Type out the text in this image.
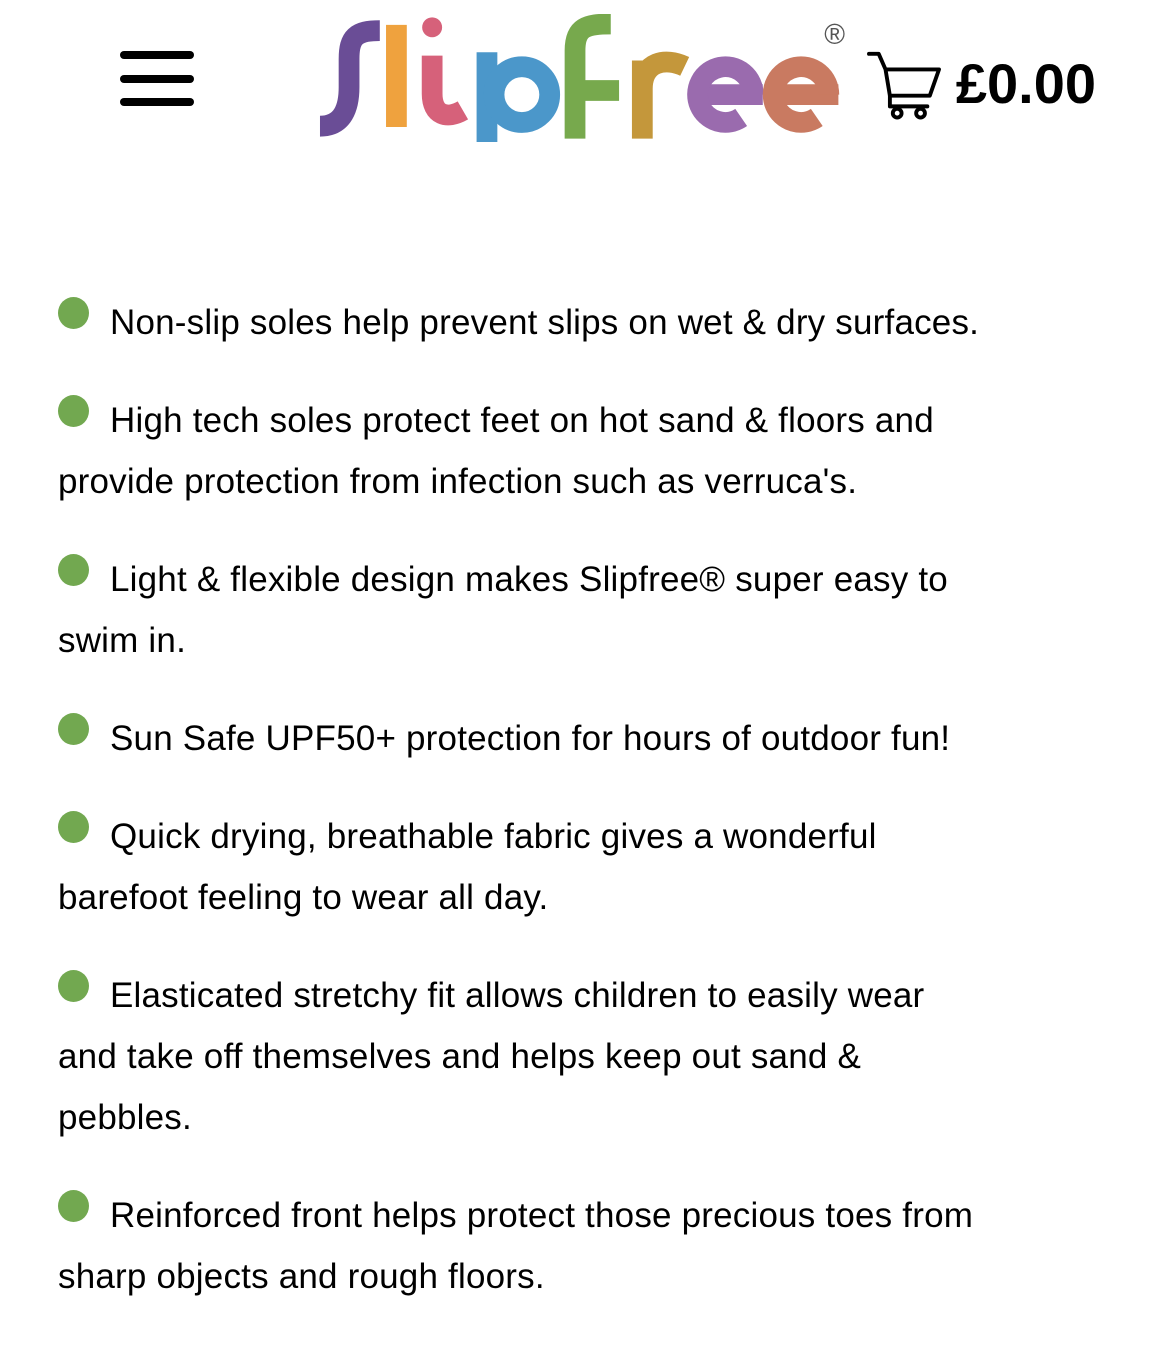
®
£0.00
Non-slip soles help prevent slips on wet & dry surfaces.
High tech soles protect feet on hot sand & floors and
provide protection from infection such as verruca's.
Light & flexible design makes Slipfree® super easy to
swim in.
Sun Safe UPF50+ protection for hours of outdoor fun!
Quick drying, breathable fabric gives a wonderful
barefoot feeling to wear all day.
Elasticated stretchy fit allows children to easily wear
and take off themselves and helps keep out sand &
pebbles.
Reinforced front helps protect those precious toes from
sharp objects and rough floors.
